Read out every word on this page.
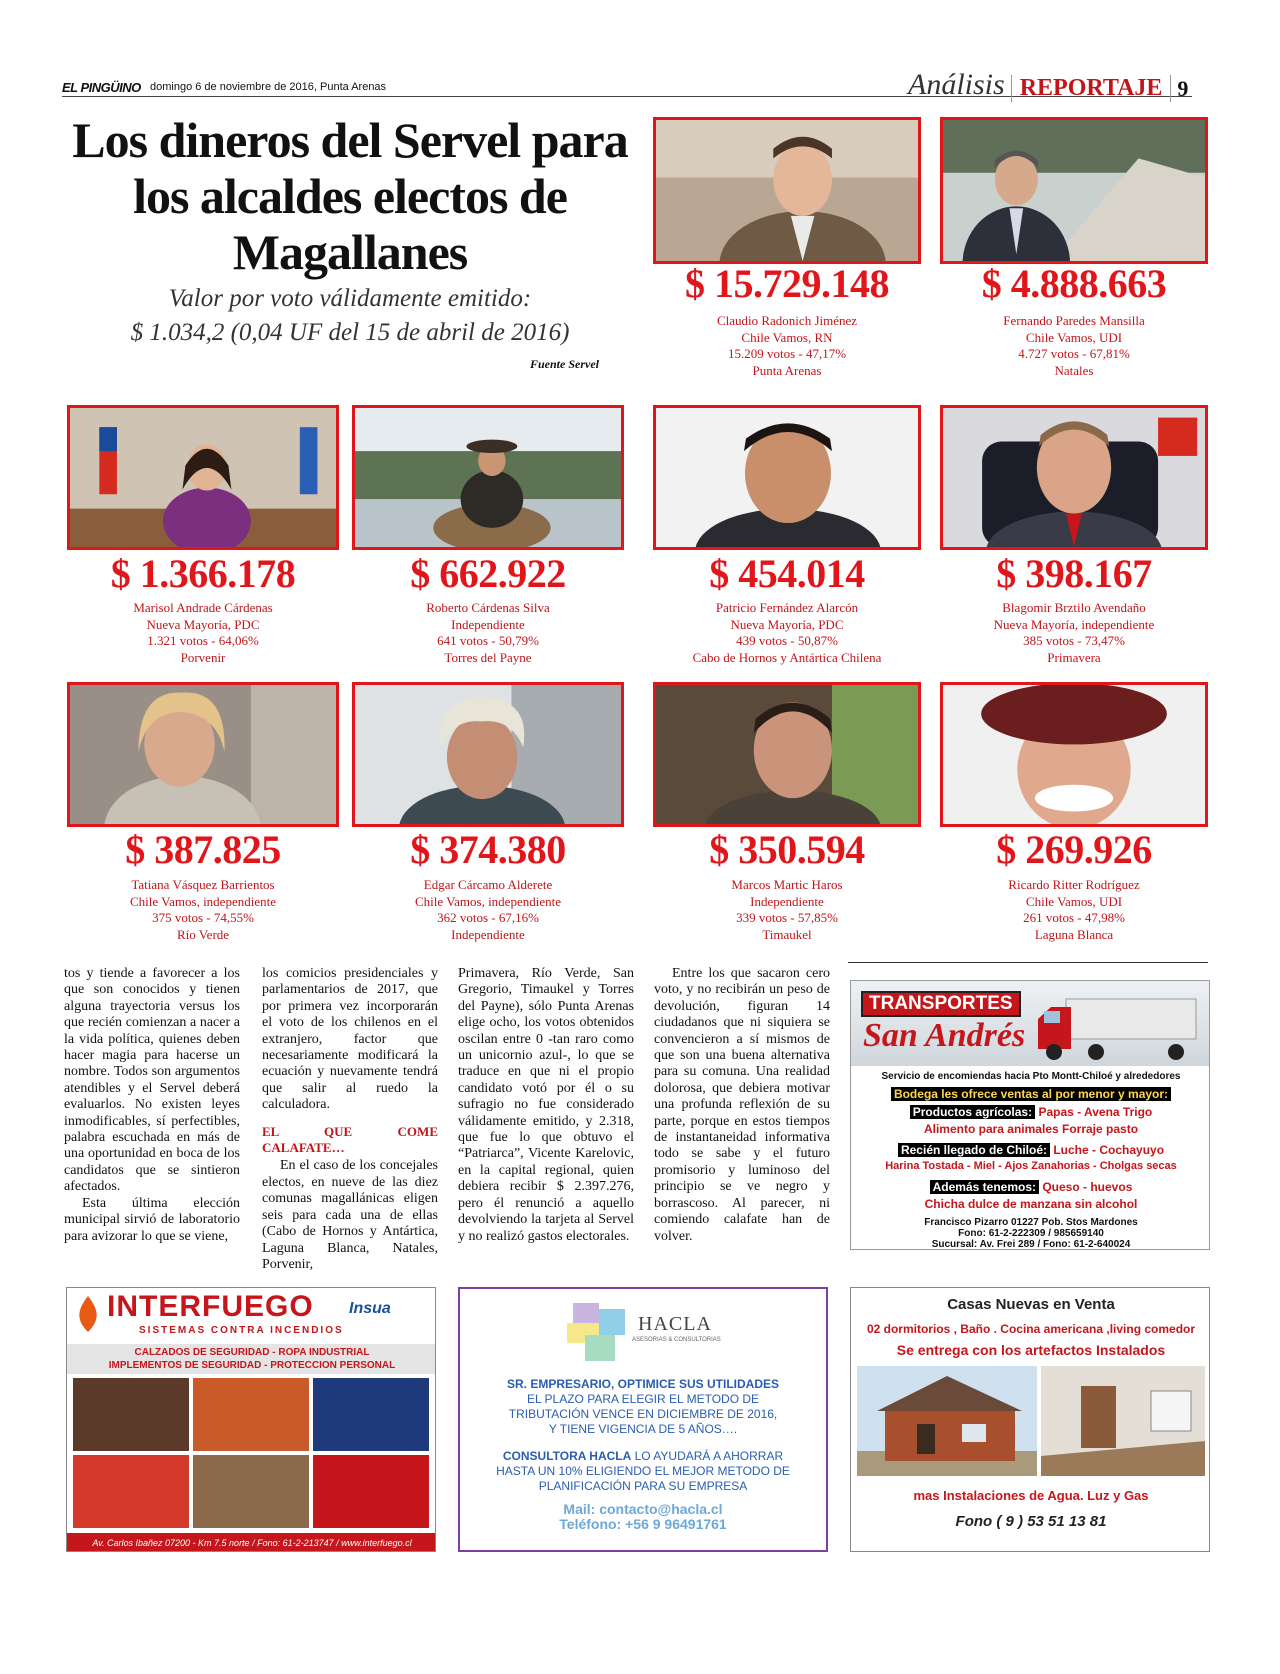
EL PINGÜINO domingo 6 de noviembre de 2016, Punta Arenas	Análisis REPORTAJE 9
Los dineros del Servel para los alcaldes electos de Magallanes
Valor por voto válidamente emitido:
$ 1.034,2 (0,04 UF del 15 de abril de 2016)
Fuente Servel
$ 15.729.148
Claudio Radonich Jiménez
Chile Vamos, RN
15.209 votos - 47,17%
Punta Arenas
$ 4.888.663
Fernando Paredes Mansilla
Chile Vamos, UDI
4.727 votos - 67,81%
Natales
$ 1.366.178
Marisol Andrade Cárdenas
Nueva Mayoría, PDC
1.321 votos - 64,06%
Porvenir
$ 662.922
Roberto Cárdenas Silva
Independiente
641 votos - 50,79%
Torres del Payne
$ 454.014
Patricio Fernández Alarcón
Nueva Mayoría, PDC
439 votos - 50,87%
Cabo de Hornos y Antártica Chilena
$ 398.167
Blagomir Brztilo Avendaño
Nueva Mayoría, independiente
385 votos - 73,47%
Primavera
$ 387.825
Tatiana Vásquez Barrientos
Chile Vamos, independiente
375 votos - 74,55%
Río Verde
$ 374.380
Edgar Cárcamo Alderete
Chile Vamos, independiente
362 votos - 67,16%
Independiente
$ 350.594
Marcos Martic Haros
Independiente
339 votos - 57,85%
Timaukel
$ 269.926
Ricardo Ritter Rodríguez
Chile Vamos, UDI
261 votos - 47,98%
Laguna Blanca

tos y tiende a favorecer a los que son conocidos y tienen alguna trayectoria versus los que recién comienzan a nacer a la vida política, quienes deben hacer magia para hacerse un nombre. Todos son argumentos atendibles y el Servel deberá evaluarlos. No existen leyes inmodificables, sí perfectibles, palabra escuchada en más de una oportunidad en boca de los candidatos que se sintieron afectados.

Esta última elección municipal sirvió de laboratorio para avizorar lo que se viene,

los comicios presidenciales y parlamentarios de 2017, que por primera vez incorporarán el voto de los chilenos en el extranjero, factor que necesariamente modificará la ecuación y nuevamente tendrá que salir al ruedo la calculadora.

EL QUE COME CALAFATE…

En el caso de los concejales electos, en nueve de las diez comunas magallánicas eligen seis para cada una de ellas (Cabo de Hornos y Antártica, Laguna Blanca, Natales, Porvenir,

Primavera, Río Verde, San Gregorio, Timaukel y Torres del Payne), sólo Punta Arenas elige ocho, los votos obtenidos oscilan entre 0 -tan raro como un unicornio azul-, lo que se traduce en que ni el propio candidato votó por él o su sufragio no fue considerado válidamente emitido, y 2.318, que fue lo que obtuvo el “Patriarca”, Vicente Karelovic, en la capital regional, quien debiera recibir $ 2.397.276, pero él renunció a aquello devolviendo la tarjeta al Servel y no realizó gastos electorales.

Entre los que sacaron cero voto, y no recibirán un peso de devolución, figuran 14 ciudadanos que ni siquiera se convencieron a sí mismos de que son una buena alternativa para su comuna. Una realidad dolorosa, que debiera motivar una profunda reflexión de su parte, porque en estos tiempos de instantaneidad informativa todo se sabe y el futuro promisorio y luminoso del principio se ve negro y borrascoso. Al parecer, ni comiendo calafate han de volver.

TRANSPORTES
San Andrés
Servicio de encomiendas hacia Pto Montt-Chiloé y alrededores
Bodega les ofrece ventas al por menor y mayor:
Productos agrícolas: Papas - Avena Trigo
Alimento para animales Forraje pasto
Recién llegado de Chiloé: Luche - Cochayuyo
Harina Tostada - Miel - Ajos Zanahorias - Cholgas secas
Además tenemos: Queso - huevos
Chicha dulce de manzana sin alcohol
Francisco Pizarro 01227 Pob. Stos Mardones
Fono: 61-2-222309 / 985659140
Sucursal: Av. Frei 289 / Fono: 61-2-640024
INTERFUEGO
SISTEMAS CONTRA INCENDIOS
Insua
CALZADOS DE SEGURIDAD - ROPA INDUSTRIAL
IMPLEMENTOS DE SEGURIDAD - PROTECCION PERSONAL
Av. Carlos Ibañez 07200 - Km 7.5 norte / Fono: 61-2-213747 / www.interfuego.cl
HACLA
ASESORIAS & CONSULTORIAS
SR. EMPRESARIO, OPTIMICE SUS UTILIDADES
EL PLAZO PARA ELEGIR EL METODO DE
TRIBUTACIÓN VENCE EN DICIEMBRE DE 2016,
Y TIENE VIGENCIA DE 5 AÑOS….
CONSULTORA HACLA LO AYUDARÁ A AHORRAR
HASTA UN 10% ELIGIENDO EL MEJOR METODO DE
PLANIFICACIÓN PARA SU EMPRESA
Mail: contacto@hacla.cl
Teléfono: +56 9 96491761
Casas Nuevas en Venta
02 dormitorios , Baño . Cocina americana ,living comedor
Se entrega con los artefactos Instalados
mas Instalaciones de Agua. Luz y Gas
Fono ( 9 ) 53 51 13 81
